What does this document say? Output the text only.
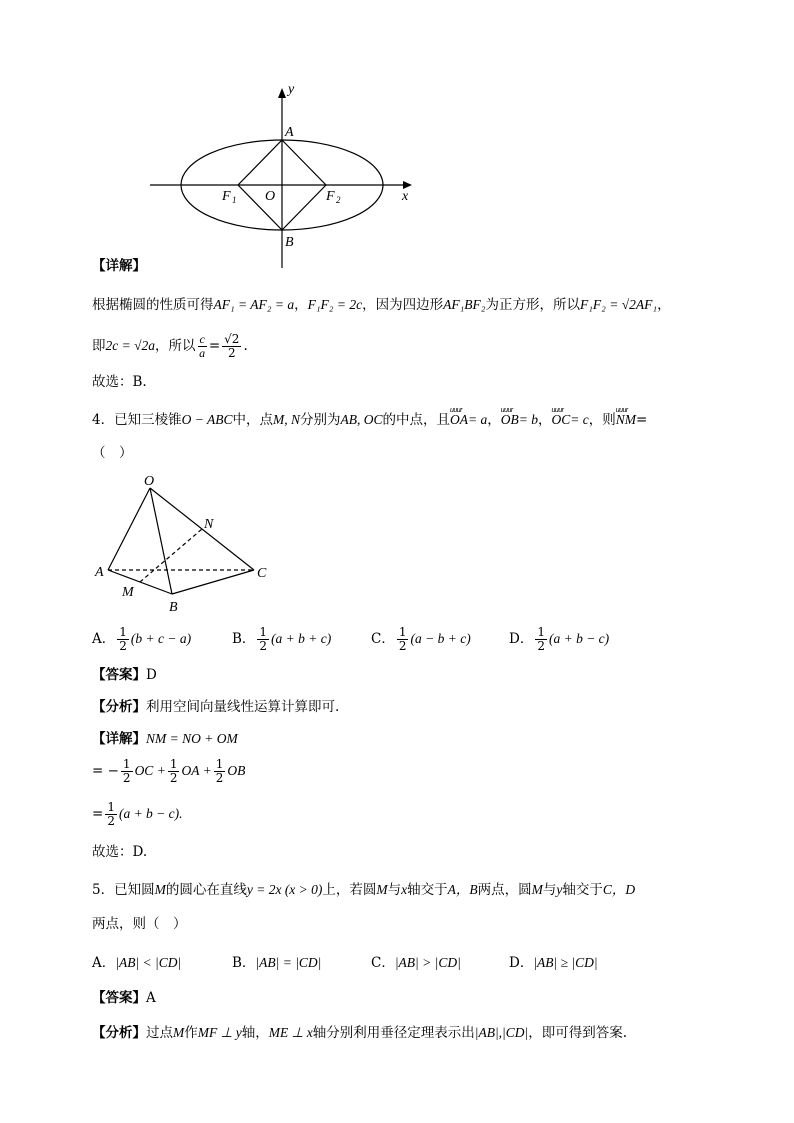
y
x
A
B
O
F 1	F 2
【详解】
根据椭圆的性质可得AF₁ = AF₂ = a，F₁F₂ = 2c，因为四边形AF₁BF₂为正方形，所以F₁F₂ = √2AF₁，
即2c = √2a，所以 $\frac{c}{a} = \frac{√2}{2}$ .
故选：B.
4．已知三棱锥O − ABC中，点M, N分别为AB, OC的中点，且uuur OA= a，uuur OB= b，uuur OC= c，则uuur NM=
（　）
O
N
A	C
M
B
A． $\frac{1}{2} (b + c - a)$	B． $\frac{1}{2} (a + b + c)$	C． $\frac{1}{2} (a - b + c)$	D． $\frac{1}{2} (a + b - c)$
【答案】D
【分析】利用空间向量线性运算计算即可.
【详解】NM = NO + OM
= − $\frac{1}{2}$ OC + $\frac{1}{2}$ OA + $\frac{1}{2}$ OB
= $\frac{1}{2} (a + b - c)$.
故选：D.
5．已知圆M的圆心在直线y = 2x (x > 0)上，若圆M与x轴交于A，B两点，圆M与y轴交于C，D
两点，则（　）
A．|AB| < |CD|	B．|AB| = |CD|	C．|AB| > |CD|	D．|AB| ≥ |CD|
【答案】A
【分析】过点M作MF ⊥ y轴，ME ⊥ x轴分别利用垂径定理表示出|AB|,|CD|，即可得到答案.
